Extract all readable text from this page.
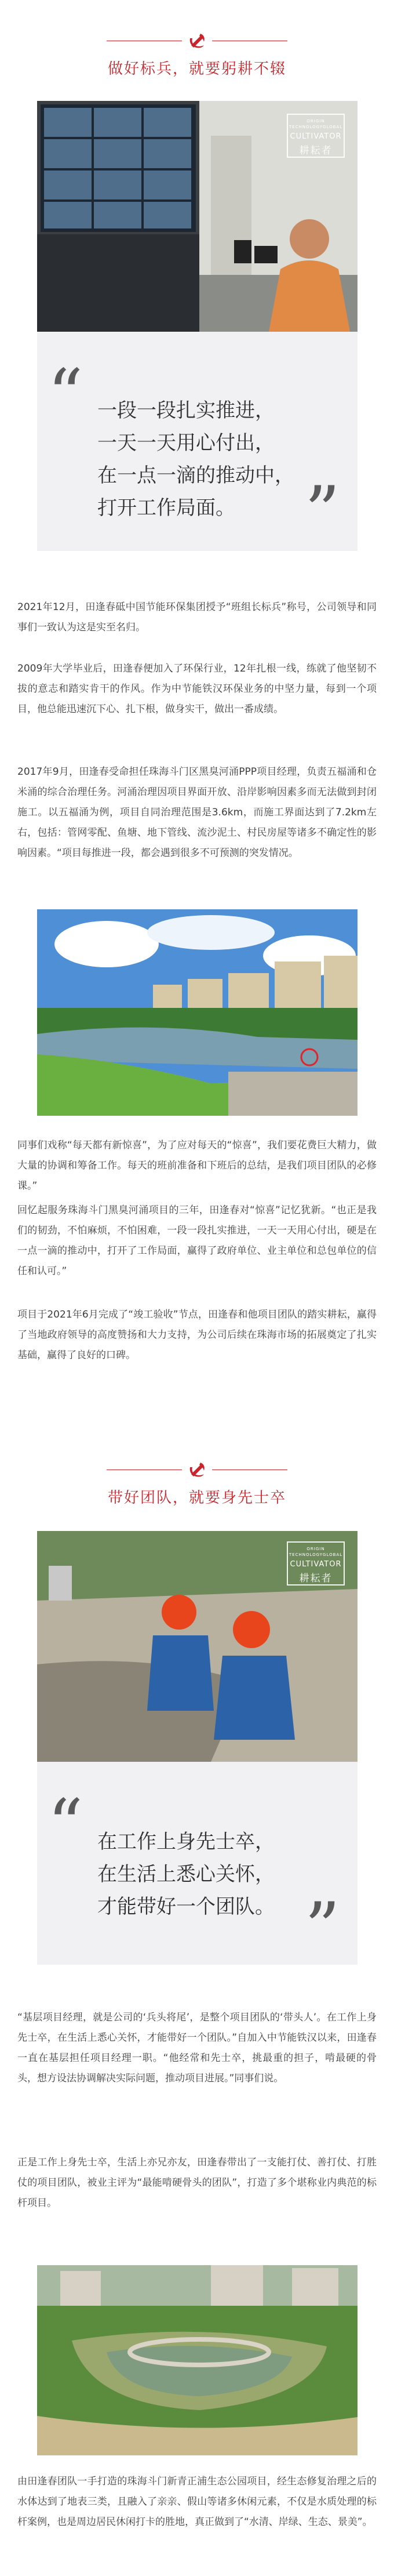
做好标兵，就要躬耕不辍
ORIGIN
TECHNOLOGYGLOBAL
CULTIVATOR
耕耘者
“ 一段一段扎实推进，
一天一天用心付出，
在一点一滴的推动中，
打开工作局面。 ”
2021年12月，田逢春砥中国节能环保集团授予“班组长标兵”称号，公司领导和同事们一致认为这是实至名归。
2009年大学毕业后，田逢春便加入了环保行业，12年扎根一线，练就了他坚韧不拔的意志和踏实肯干的作风。作为中节能铁汉环保业务的中坚力量，每到一个项目，他总能迅速沉下心、扎下根，做身实干，做出一番成绩。
2017年9月，田逢春受命担任珠海斗门区黑臭河涌PPP项目经理，负责五福涌和仓米涌的综合治理任务。河涌治理因项目界面开放、沿岸影响因素多而无法做到封闭施工。以五福涌为例，项目自同治理范围是3.6km，而施工界面达到了7.2km左右，包括：管网零配、鱼塘、地下管线、流沙泥土、村民房屋等诸多不确定性的影响因素。“项目每推进一段，都会遇到很多不可预测的突发情况。
同事们戏称“每天都有新惊喜”，为了应对每天的“惊喜”，我们要花费巨大精力，做大量的协调和筹备工作。每天的班前准备和下班后的总结，是我们项目团队的必修课。”
回忆起服务珠海斗门黑臭河涌项目的三年，田逢春对“惊喜”记忆犹新。“也正是我们的韧劲，不怕麻烦，不怕困难，一段一段扎实推进，一天一天用心付出，硬是在一点一滴的推动中，打开了工作局面，赢得了政府单位、业主单位和总包单位的信任和认可。”
项目于2021年6月完成了“竣工验收”节点，田逢春和他项目团队的踏实耕耘，赢得了当地政府领导的高度赞扬和大力支持，为公司后续在珠海市场的拓展奠定了扎实基础，赢得了良好的口碑。
带好团队，就要身先士卒
ORIGIN
TECHNOLOGYGLOBAL
CULTIVATOR
耕耘者
“ 在工作上身先士卒，
在生活上悉心关怀，
才能带好一个团队。 ”
“基层项目经理，就是公司的‘兵头将尾’，是整个项目团队的‘带头人’。在工作上身先士卒，在生活上悉心关怀，才能带好一个团队。”自加入中节能铁汉以来，田逢春一直在基层担任项目经理一职。“他经常和先士卒，挑最重的担子，啃最硬的骨头，想方设法协调解决实际问题，推动项目进展。”同事们说。
正是工作上身先士卒，生活上亦兄亦友，田逢春带出了一支能打仗、善打仗、打胜仗的项目团队，被业主评为“最能啃硬骨头的团队”，打造了多个堪称业内典范的标杆项目。
由田逢春团队一手打造的珠海斗门新青正浦生态公园项目，经生态修复治理之后的水体达到了地表三类，且融入了亲亲、假山等诸多休闲元素，不仅是水质处理的标杆案例，也是周边居民休闲打卡的胜地，真正做到了“水清、岸绿、生态、景美”。
